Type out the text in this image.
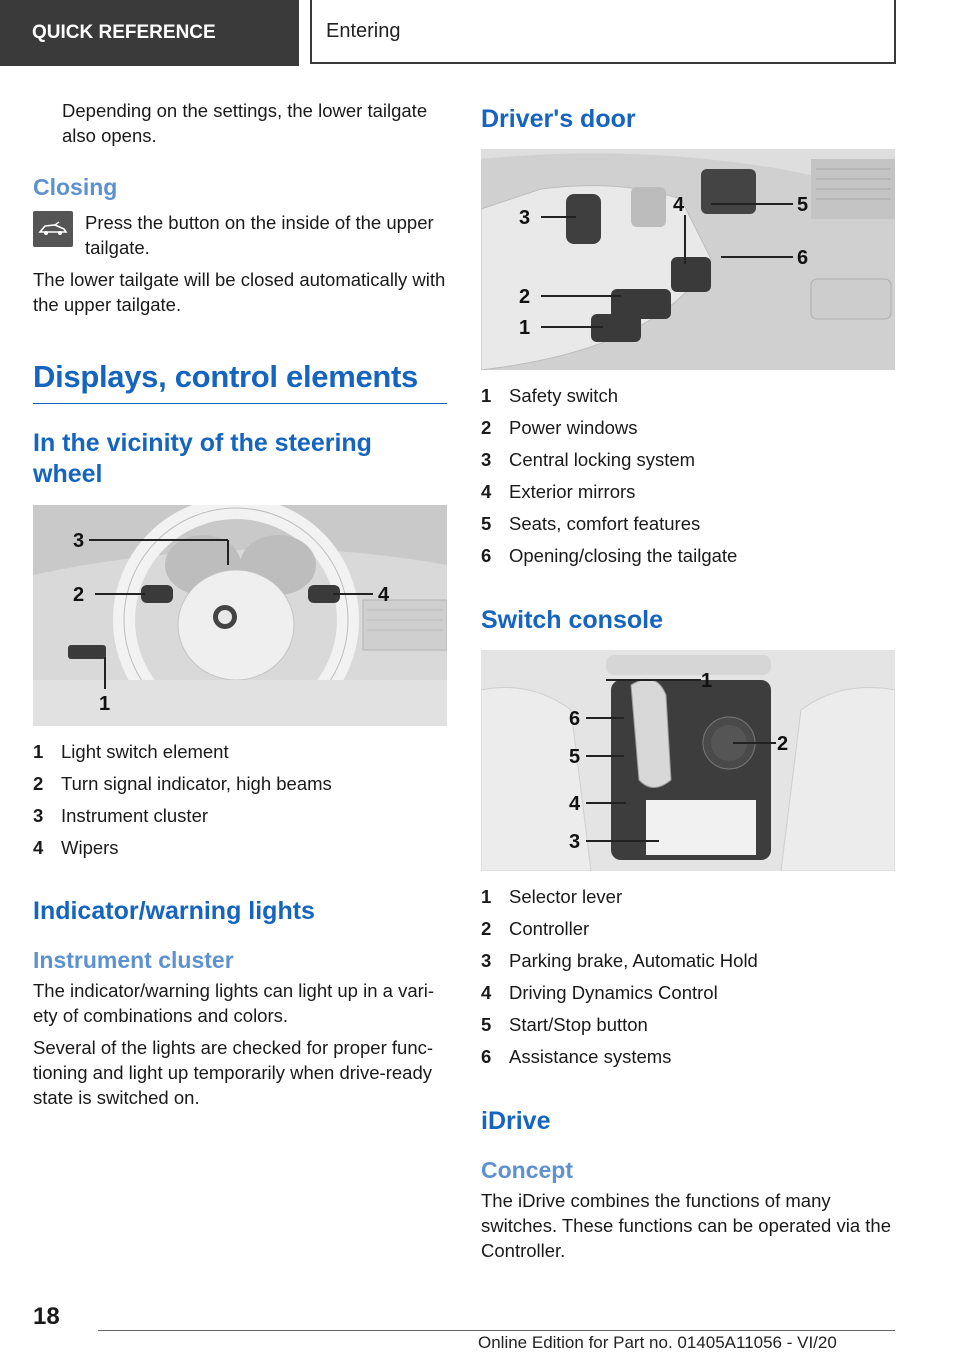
QUICK REFERENCE	Entering

Depending on the settings, the lower tailgate also opens.

Closing

Press the button on the inside of the upper tailgate.

The lower tailgate will be closed automatically with the upper tailgate.

Displays, control elements
In the vicinity of the steering wheel
3
2	4
1
1 Light switch element
2 Turn signal indicator, high beams
3 Instrument cluster
4 Wipers
Indicator/warning lights
Instrument cluster

The indicator/warning lights can light up in a vari- ety of combinations and colors.

Several of the lights are checked for proper func- tioning and light up temporarily when drive-ready state is switched on.

Driver's door
3
4	5
6
2
1
1 Safety switch
2 Power windows
3 Central locking system
4 Exterior mirrors
5 Seats, comfort features
6 Opening/closing the tailgate
Switch console
1
6
5
2
4
3
1 Selector lever
2 Controller
3 Parking brake, Automatic Hold
4 Driving Dynamics Control
5 Start/Stop button
6 Assistance systems
iDrive
Concept

The iDrive combines the functions of many switches. These functions can be operated via the Controller.

18
Online Edition for Part no. 01405A11056 - VI/20
